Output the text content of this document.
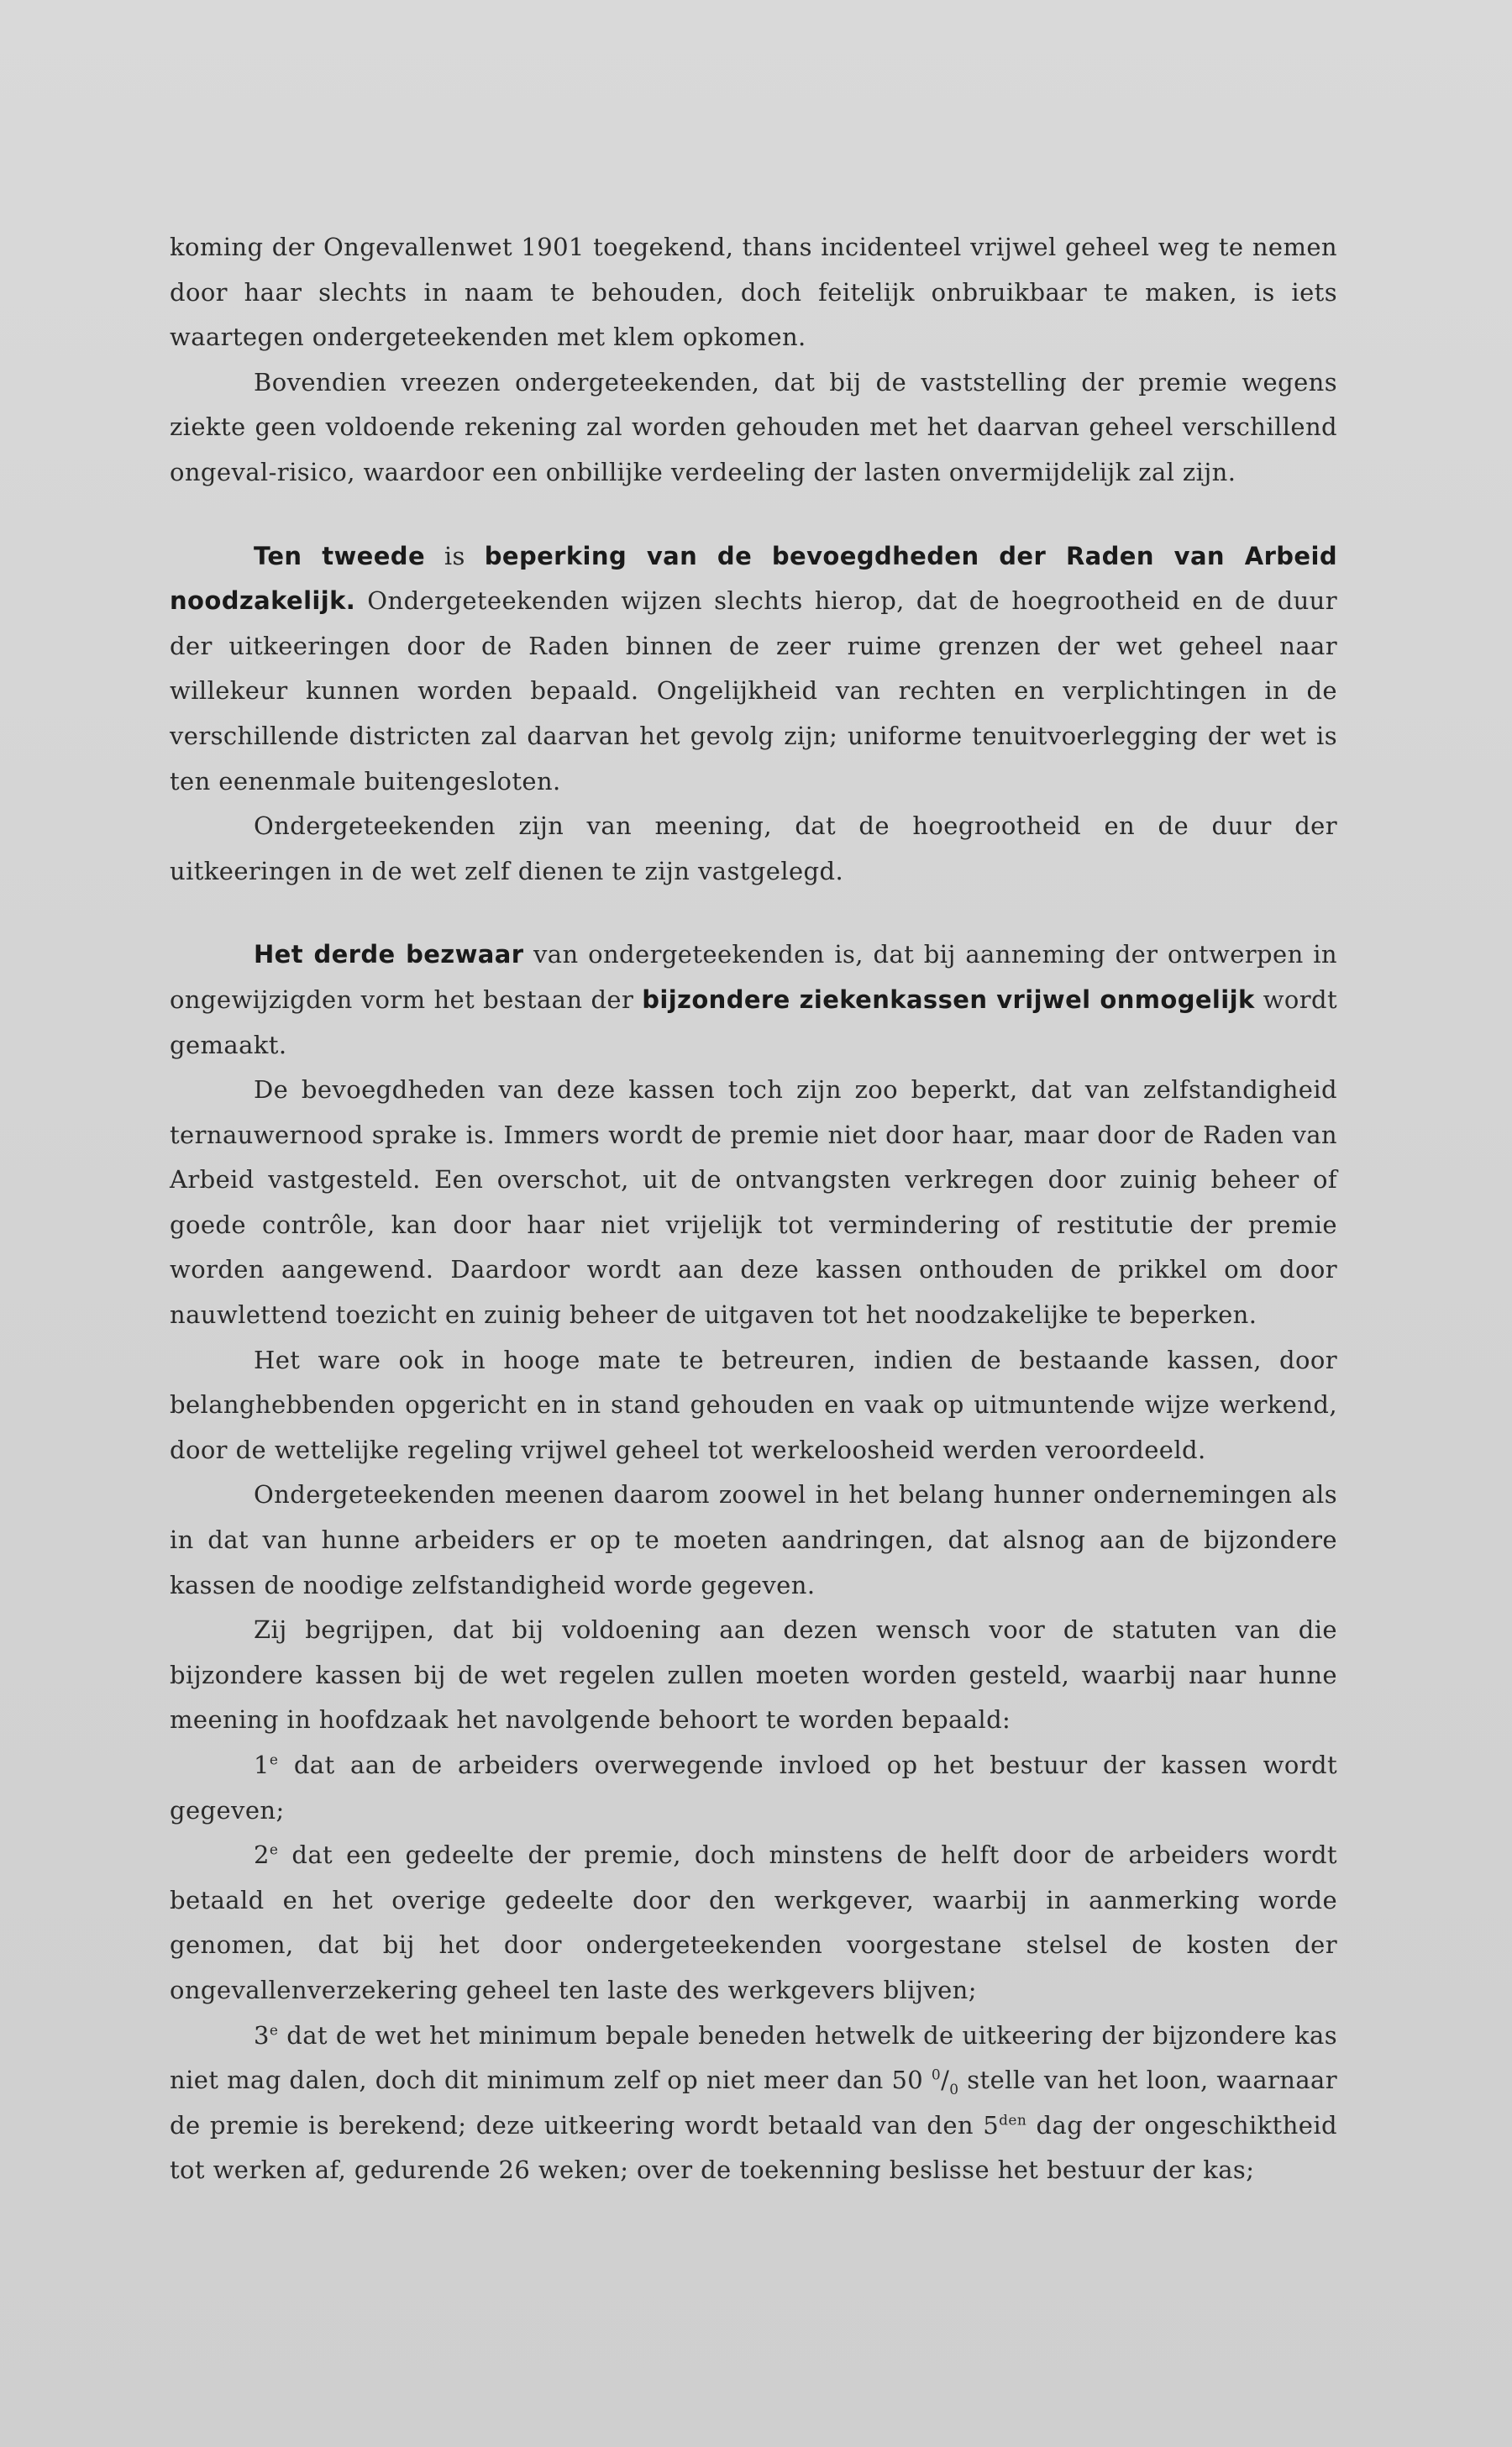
koming der Ongevallenwet 1901 toegekend, thans incidenteel vrijwel geheel weg te nemen door haar slechts in naam te behouden, doch feitelijk onbruikbaar te maken, is iets waartegen ondergeteekenden met klem opkomen.

Bovendien vreezen ondergeteekenden, dat bij de vaststelling der premie wegens ziekte geen voldoende rekening zal worden gehouden met het daarvan geheel verschillend ongeval-risico, waardoor een onbillijke verdeeling der lasten onvermijdelijk zal zijn.

Ten tweede is beperking van de bevoegdheden der Raden van Arbeid noodzakelijk. Ondergeteekenden wijzen slechts hierop, dat de hoegrootheid en de duur der uitkeeringen door de Raden binnen de zeer ruime grenzen der wet geheel naar willekeur kunnen worden bepaald. Ongelijkheid van rechten en verplichtingen in de verschillende districten zal daarvan het gevolg zijn; uniforme tenuitvoerlegging der wet is ten eenenmale buitengesloten.

Ondergeteekenden zijn van meening, dat de hoegrootheid en de duur der uitkeeringen in de wet zelf dienen te zijn vastgelegd.

Het derde bezwaar van ondergeteekenden is, dat bij aanneming der ontwerpen in ongewijzigden vorm het bestaan der bijzondere ziekenkassen vrijwel onmogelijk wordt gemaakt.

De bevoegdheden van deze kassen toch zijn zoo beperkt, dat van zelfstandigheid ternauwernood sprake is. Immers wordt de premie niet door haar, maar door de Raden van Arbeid vastgesteld. Een overschot, uit de ontvangsten verkregen door zuinig beheer of goede contrôle, kan door haar niet vrijelijk tot vermindering of restitutie der premie worden aangewend. Daardoor wordt aan deze kassen onthouden de prikkel om door nauwlettend toezicht en zuinig beheer de uitgaven tot het noodzakelijke te beperken.

Het ware ook in hooge mate te betreuren, indien de bestaande kassen, door belanghebbenden opgericht en in stand gehouden en vaak op uitmuntende wijze werkend, door de wettelijke regeling vrijwel geheel tot werkeloosheid werden veroordeeld.

Ondergeteekenden meenen daarom zoowel in het belang hunner ondernemingen als in dat van hunne arbeiders er op te moeten aandringen, dat alsnog aan de bijzondere kassen de noodige zelfstandigheid worde gegeven.

Zij begrijpen, dat bij voldoening aan dezen wensch voor de statuten van die bijzondere kassen bij de wet regelen zullen moeten worden gesteld, waarbij naar hunne meening in hoofdzaak het navolgende behoort te worden bepaald:

1e dat aan de arbeiders overwegende invloed op het bestuur der kassen wordt gegeven;

2e dat een gedeelte der premie, doch minstens de helft door de arbeiders wordt betaald en het overige gedeelte door den werkgever, waarbij in aanmerking worde genomen, dat bij het door ondergeteekenden voorgestane stelsel de kosten der ongevallenverzekering geheel ten laste des werkgevers blijven;

3e dat de wet het minimum bepale beneden hetwelk de uitkeering der bijzondere kas niet mag dalen, doch dit minimum zelf op niet meer dan 50 $^0/_0$ stelle van het loon, waarnaar de premie is berekend; deze uitkeering wordt betaald van den $5^{den}$ dag der ongeschiktheid tot werken af, gedurende 26 weken; over de toekenning beslisse het bestuur der kas;
